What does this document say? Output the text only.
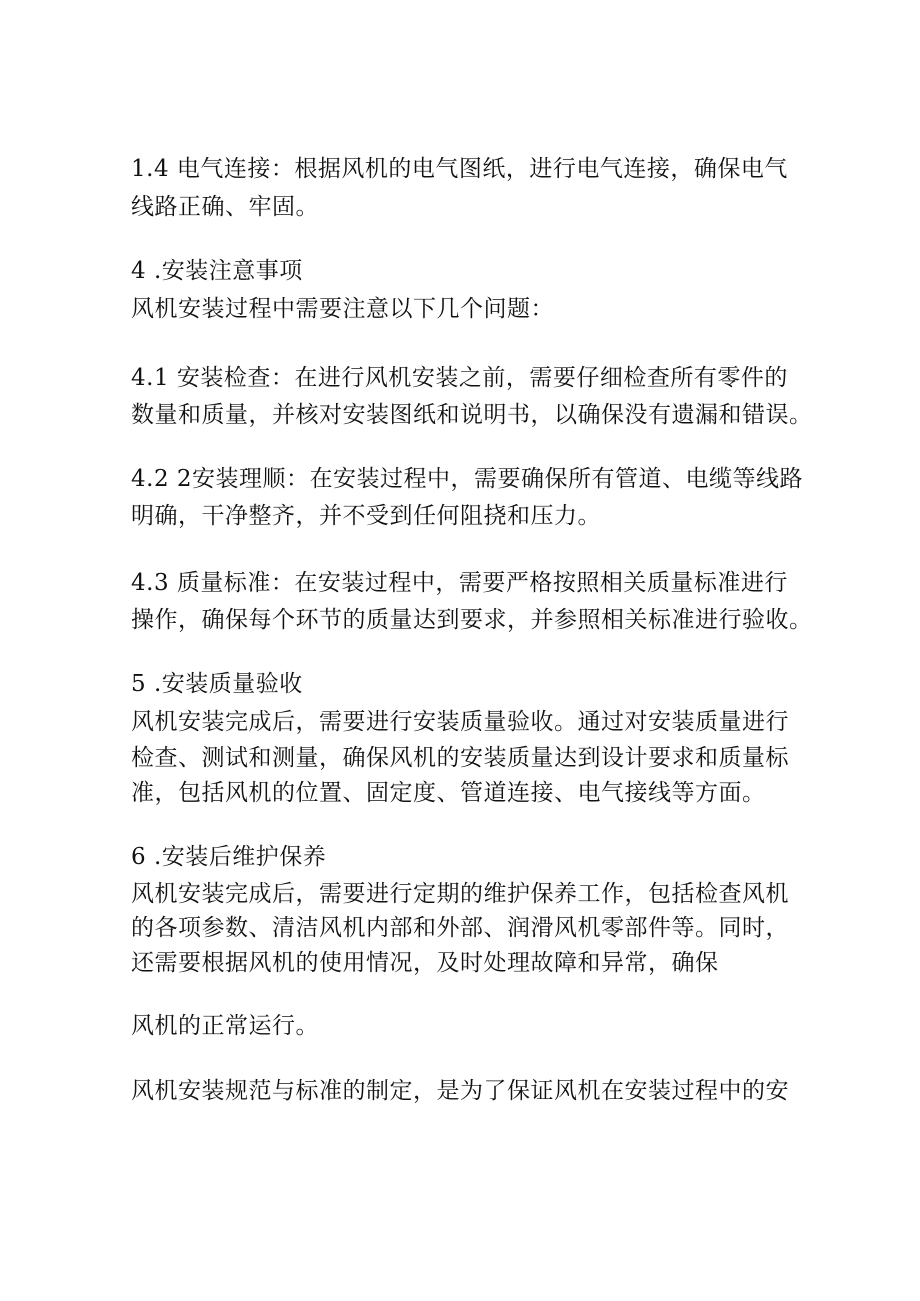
1.4 电气连接：根据风机的电气图纸，进行电气连接，确保电气
线路正确、牢固。
4 .安装注意事项
风机安装过程中需要注意以下几个问题：
4.1 安装检查：在进行风机安装之前，需要仔细检查所有零件的
数量和质量，并核对安装图纸和说明书，以确保没有遗漏和错误。
4.2 2安装理顺：在安装过程中，需要确保所有管道、电缆等线路
明确，干净整齐，并不受到任何阻挠和压力。
4.3 质量标准：在安装过程中，需要严格按照相关质量标准进行
操作，确保每个环节的质量达到要求，并参照相关标准进行验收。
5 .安装质量验收
风机安装完成后，需要进行安装质量验收。通过对安装质量进行
检查、测试和测量，确保风机的安装质量达到设计要求和质量标
准，包括风机的位置、固定度、管道连接、电气接线等方面。
6 .安装后维护保养
风机安装完成后，需要进行定期的维护保养工作，包括检查风机
的各项参数、清洁风机内部和外部、润滑风机零部件等。同时，
还需要根据风机的使用情况，及时处理故障和异常，确保
风机的正常运行。
风机安装规范与标准的制定，是为了保证风机在安装过程中的安
